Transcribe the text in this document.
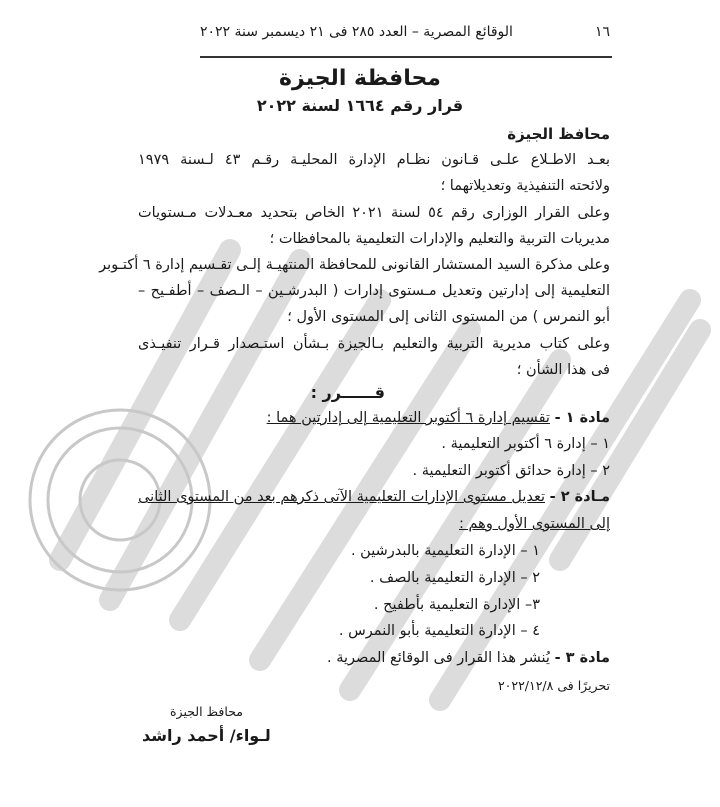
١٦
الوقائع المصرية – العدد ٢٨٥ فى ٢١ ديسمبر سنة ٢٠٢٢
محافظة الجيزة
قرار رقم ١٦٦٤ لسنة ٢٠٢٢
محافظ الجيزة
بعـد الاطـلاع علـى قـانون نظـام الإدارة المحليـة رقـم ٤٣ لـسنة ١٩٧٩
ولائحته التنفيذية وتعديلاتهما ؛
وعلى القرار الوزارى رقم ٥٤ لسنة ٢٠٢١ الخاص بتحديد معـدلات مـستويات
مديريات التربية والتعليم والإدارات التعليمية بالمحافظات ؛
وعلى مذكرة السيد المستشار القانونى للمحافظة المنتهيـة إلـى تقـسيم إدارة ٦ أكتـوبر
التعليمية إلى إدارتين وتعديل مـستوى إدارات ( البدرشـين – الـصف – أطفـيح –
أبو النمرس ) من المستوى الثانى إلى المستوى الأول ؛
وعلى كتاب مديرية التربية والتعليم بـالجيزة بـشأن استـصدار قـرار تنفيـذى
فى هذا الشأن ؛
قــــــرر :
مادة ١ - تقسيم إدارة ٦ أكتوبر التعليمية إلى إدارتين هما :
١ – إدارة ٦ أكتوبر التعليمية .
٢ – إدارة حدائق أكتوبر التعليمية .
مـادة ٢ - تعديل مستوى الإدارات التعليمية الآتى ذكرهم بعد من المستوى الثانى
إلى المستوى الأول وهم :
١ – الإدارة التعليمية بالبدرشين .
٢ – الإدارة التعليمية بالصف .
٣– الإدارة التعليمية بأطفيح .
٤ – الإدارة التعليمية بأبو النمرس .
مادة ٣ - يُنشر هذا القرار فى الوقائع المصرية .
تحريرًا فى ٢٠٢٢/١٢/٨
محافظ الجيزة
لـواء/ أحمد راشد
